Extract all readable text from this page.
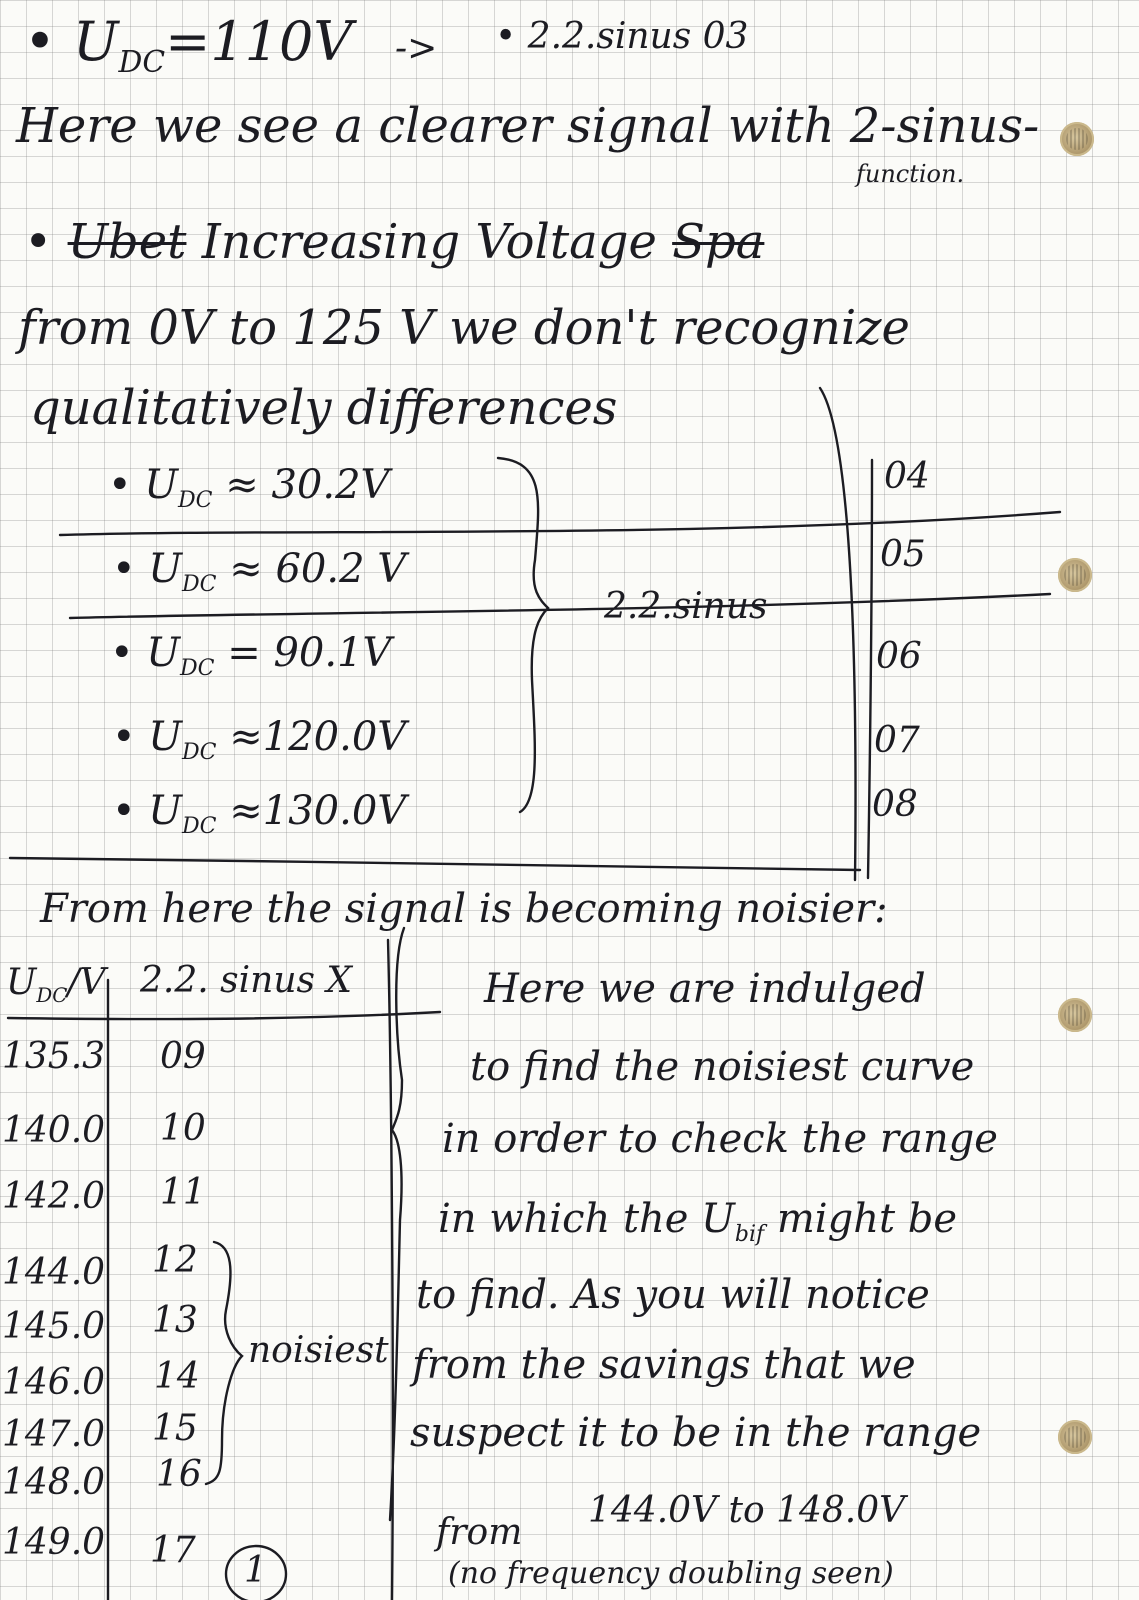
• $U_{DC}=110V$ -> • 2.2.sinus 03
Here we see a clearer signal with 2-sinus-
function.
• Ubet Increasing Voltage Spa
from 0V to 125 V we don't recognize
qualitatively differences
• $U_{DC} \approx 30.2V$
• $U_{DC} \approx 60.2$ V
• $U_{DC} = 90.1V$
• $U_{DC} \approx 120.0V$
• $U_{DC} \approx 130.0V$
2.2.sinus
04
05
06
07
08
From here the signal is becoming noisier:
$U_{DC}/V$ 2.2. sinus X
135.3 09
140.0 10
142.0 11
144.0 12
145.0 13
146.0 14
147.0 15
148.0 16
149.0 17
noisiest
1
Here we are indulged
to find the noisiest curve
in order to check the range
in which the $U_{bif}$ might be
to find. As you will notice
from the savings that we
suspect it to be in the range
from
144.0V to 148.0V
(no frequency doubling seen)
